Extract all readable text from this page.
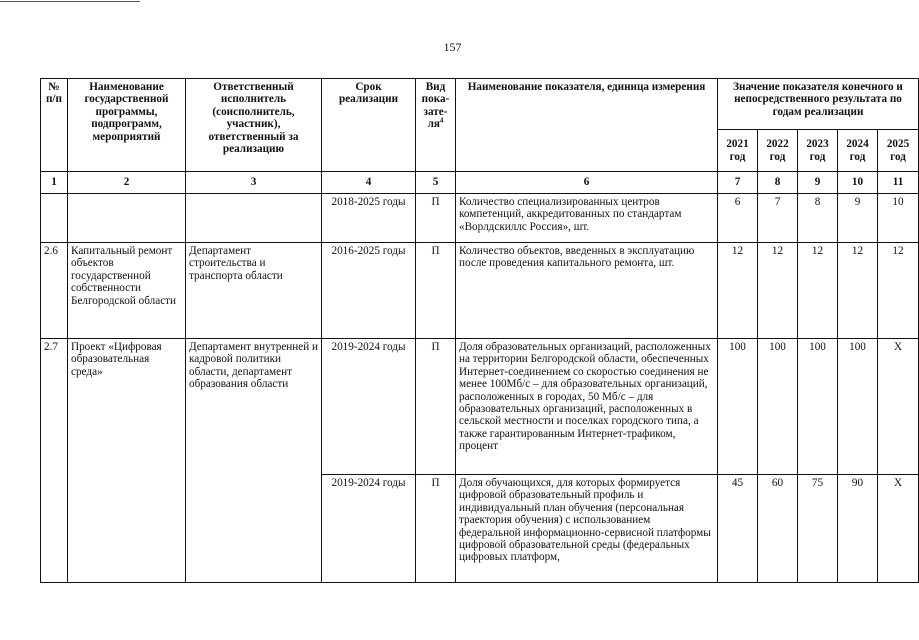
157
№ п/п	Наименование государственной программы, подпрограмм, мероприятий	Ответственный исполнитель (соисполнитель, участник), ответственный за реализацию	Срок реализации	Вид пока- зате- $ля^4$	Наименование показателя, единица измерения	Значение показателя конечного и непосредственного результата по годам реализации				
						2021 год	2022 год	2023 год	2024 год	2025 год
1	2	3	4	5	6	7	8	9	10	11
			2018-2025 годы	П	Количество специализированных центров компетенций, аккредитованных по стандартам «Ворлдскиллс Россия», шт.	6	7	8	9	10
2.6	Капитальный ремонт объектов государственной собственности Белгородской области	Департамент строительства и транспорта области	2016-2025 годы	П	Количество объектов, введенных в эксплуатацию после проведения капитального ремонта, шт.	12	12	12	12	12
2.7	Проект «Цифровая образовательная среда»	Департамент внутренней и кадровой политики области, департамент образования области	2019-2024 годы	П	Доля образовательных организаций, расположенных на территории Белгородской области, обеспеченных Интернет-соединением со скоростью соединения не менее 100Мб/с – для образовательных организаций, расположенных в городах, 50 Мб/с – для образовательных организаций, расположенных в сельской местности и поселках городского типа, а также гарантированным Интернет-трафиком, процент	100	100	100	100	Х
			2019-2024 годы	П	Доля обучающихся, для которых формируется цифровой образовательный профиль и индивидуальный план обучения (персональная траектория обучения) с использованием федеральной информационно-сервисной платформы цифровой образовательной среды (федеральных цифровых платформ,	45	60	75	90	Х
